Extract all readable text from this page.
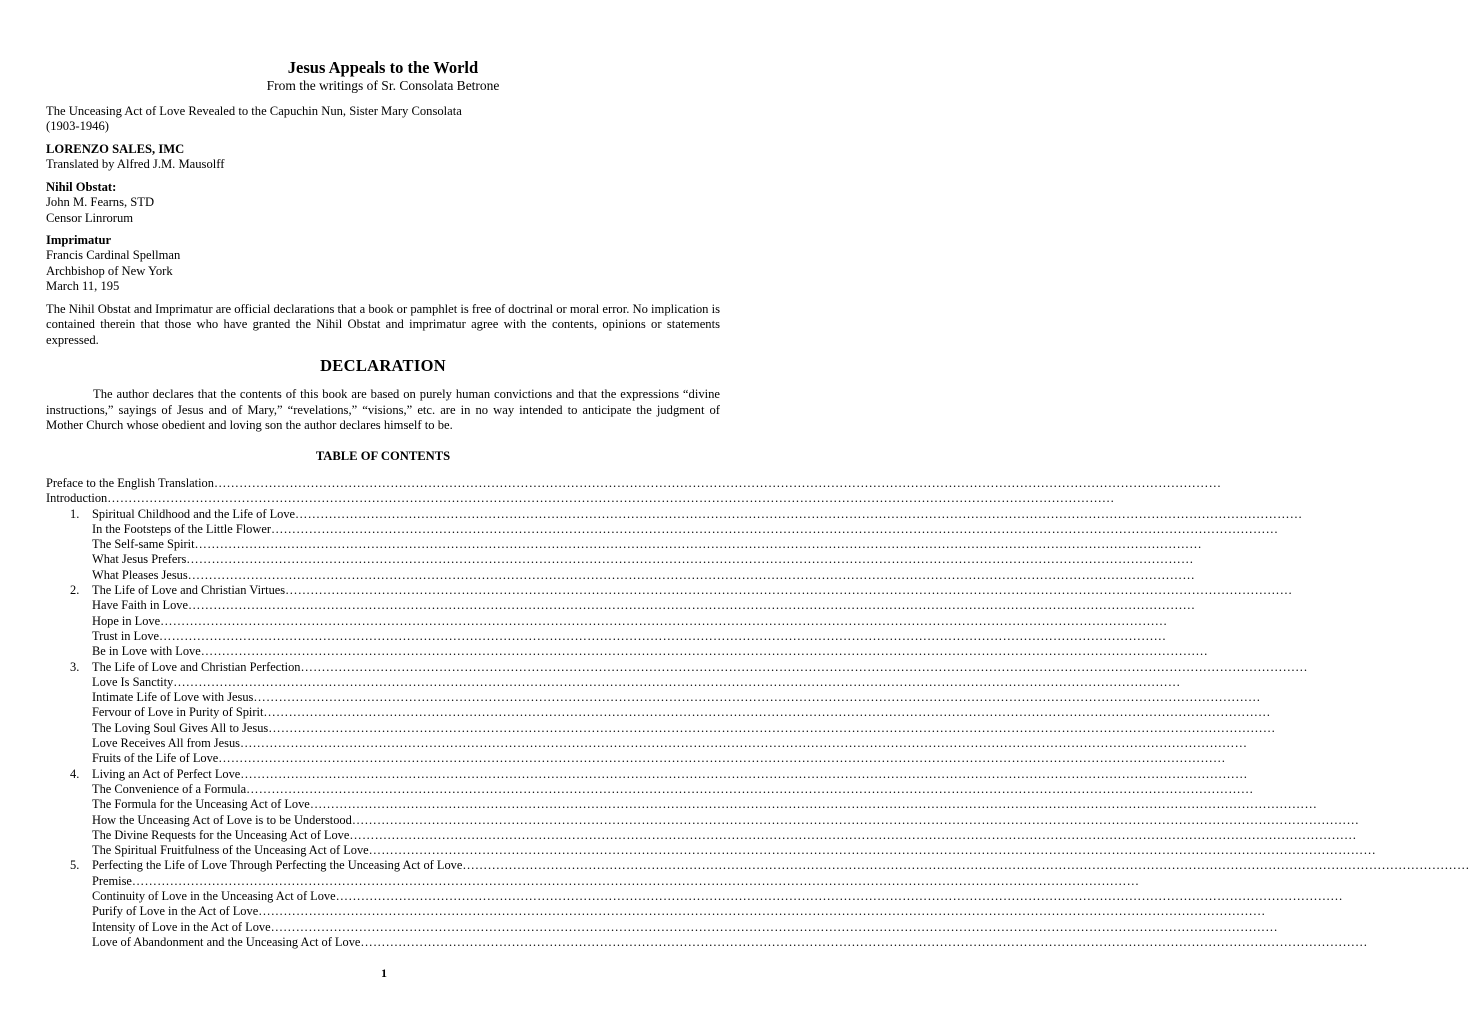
Jesus Appeals to the World
From the writings of Sr. Consolata Betrone

The Unceasing Act of Love Revealed to the Capuchin Nun, Sister Mary Consolata

(1903-1946)

LORENZO SALES, IMC

Translated by Alfred J.M. Mausolff

Nihil Obstat:

John M. Fearns, STD

Censor Linrorum

Imprimatur

Francis Cardinal Spellman

Archbishop of New York

March 11, 195

The Nihil Obstat and Imprimatur are official declarations that a book or pamphlet is free of doctrinal or moral error. No implication is contained therein that those who have granted the Nihil Obstat and imprimatur agree with the contents, opinions or statements expressed.
DECLARATION
The author declares that the contents of this book are based on purely human convictions and that the expressions “divine instructions,” sayings of Jesus and of Mary,” “revelations,” “visions,” etc. are in no way intended to anticipate the judgment of Mother Church whose obedient and loving son the author declares himself to be.
TABLE OF CONTENTS
Preface to the English Translation……………………………………………………………………………………………………………………………………………………………………………………………………………………
Introduction……………………………………………………………………………………………………………………………………………………………………………………………………………………
1. Spiritual Childhood and the Life of Love……………………………………………………………………………………………………………………………………………………………………………………………………………………
In the Footsteps of the Little Flower……………………………………………………………………………………………………………………………………………………………………………………………………………………
The Self-same Spirit……………………………………………………………………………………………………………………………………………………………………………………………………………………
What Jesus Prefers……………………………………………………………………………………………………………………………………………………………………………………………………………………
What Pleases Jesus……………………………………………………………………………………………………………………………………………………………………………………………………………………
2. The Life of Love and Christian Virtues……………………………………………………………………………………………………………………………………………………………………………………………………………………
Have Faith in Love……………………………………………………………………………………………………………………………………………………………………………………………………………………
Hope in Love……………………………………………………………………………………………………………………………………………………………………………………………………………………
Trust in Love……………………………………………………………………………………………………………………………………………………………………………………………………………………
Be in Love with Love……………………………………………………………………………………………………………………………………………………………………………………………………………………
3. The Life of Love and Christian Perfection……………………………………………………………………………………………………………………………………………………………………………………………………………………
Love Is Sanctity……………………………………………………………………………………………………………………………………………………………………………………………………………………
Intimate Life of Love with Jesus……………………………………………………………………………………………………………………………………………………………………………………………………………………
Fervour of Love in Purity of Spirit……………………………………………………………………………………………………………………………………………………………………………………………………………………
The Loving Soul Gives All to Jesus……………………………………………………………………………………………………………………………………………………………………………………………………………………
Love Receives All from Jesus……………………………………………………………………………………………………………………………………………………………………………………………………………………
Fruits of the Life of Love……………………………………………………………………………………………………………………………………………………………………………………………………………………
4. Living an Act of Perfect Love……………………………………………………………………………………………………………………………………………………………………………………………………………………
The Convenience of a Formula……………………………………………………………………………………………………………………………………………………………………………………………………………………
The Formula for the Unceasing Act of Love……………………………………………………………………………………………………………………………………………………………………………………………………………………
How the Unceasing Act of Love is to be Understood……………………………………………………………………………………………………………………………………………………………………………………………………………………
The Divine Requests for the Unceasing Act of Love……………………………………………………………………………………………………………………………………………………………………………………………………………………
The Spiritual Fruitfulness of the Unceasing Act of Love……………………………………………………………………………………………………………………………………………………………………………………………………………………
5. Perfecting the Life of Love Through Perfecting the Unceasing Act of Love……………………………………………………………………………………………………………………………………………………………………………………………………………………
Premise……………………………………………………………………………………………………………………………………………………………………………………………………………………
Continuity of Love in the Unceasing Act of Love……………………………………………………………………………………………………………………………………………………………………………………………………………………
Purify of Love in the Act of Love……………………………………………………………………………………………………………………………………………………………………………………………………………………
Intensity of Love in the Act of Love……………………………………………………………………………………………………………………………………………………………………………………………………………………
Love of Abandonment and the Unceasing Act of Love……………………………………………………………………………………………………………………………………………………………………………………………………………………
1
